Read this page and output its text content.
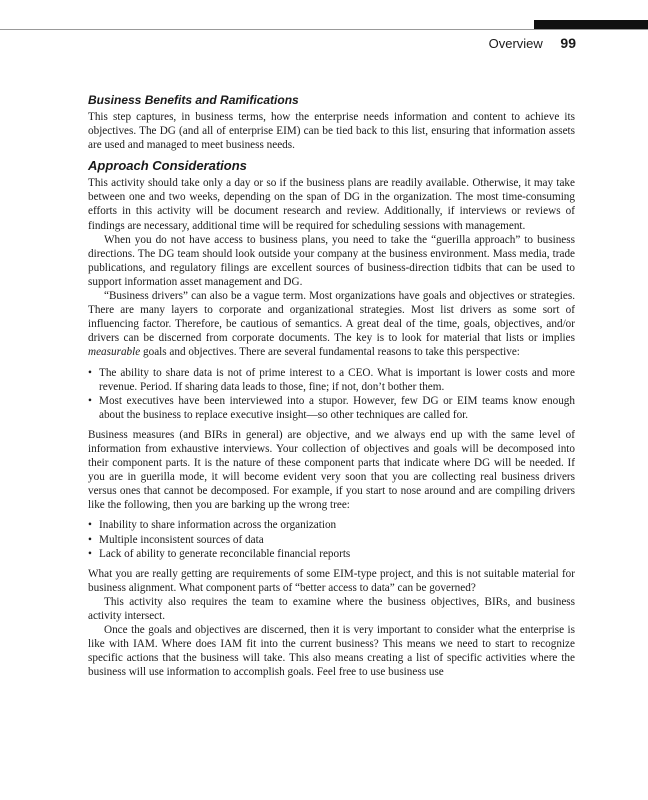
Overview 99
Business Benefits and Ramifications

This step captures, in business terms, how the enterprise needs information and content to achieve its objectives. The DG (and all of enterprise EIM) can be tied back to this list, ensuring that information assets are used and managed to meet business needs.

Approach Considerations

This activity should take only a day or so if the business plans are readily available. Otherwise, it may take between one and two weeks, depending on the span of DG in the organization. The most time-consuming efforts in this activity will be document research and review. Additionally, if interviews or reviews of findings are necessary, additional time will be required for scheduling sessions with management.

When you do not have access to business plans, you need to take the “guerilla approach” to business directions. The DG team should look outside your company at the business environment. Mass media, trade publications, and regulatory filings are excellent sources of business-direction tidbits that can be used to support information asset management and DG.

“Business drivers” can also be a vague term. Most organizations have goals and objectives or strategies. There are many layers to corporate and organizational strategies. Most list drivers as some sort of influencing factor. Therefore, be cautious of semantics. A great deal of the time, goals, objectives, and/or drivers can be discerned from corporate documents. The key is to look for material that lists or implies measurable goals and objectives. There are several fundamental reasons to take this perspective:

• The ability to share data is not of prime interest to a CEO. What is important is lower costs and more revenue. Period. If sharing data leads to those, fine; if not, don’t bother them.
• Most executives have been interviewed into a stupor. However, few DG or EIM teams know enough about the business to replace executive insight—so other techniques are called for.

Business measures (and BIRs in general) are objective, and we always end up with the same level of information from exhaustive interviews. Your collection of objectives and goals will be decomposed into their component parts. It is the nature of these component parts that indicate where DG will be needed. If you are in guerilla mode, it will become evident very soon that you are collecting real business drivers versus ones that cannot be decomposed. For example, if you start to nose around and are compiling drivers like the following, then you are barking up the wrong tree:

• Inability to share information across the organization
• Multiple inconsistent sources of data
• Lack of ability to generate reconcilable financial reports

What you are really getting are requirements of some EIM-type project, and this is not suitable material for business alignment. What component parts of “better access to data” can be governed?

This activity also requires the team to examine where the business objectives, BIRs, and business activity intersect.

Once the goals and objectives are discerned, then it is very important to consider what the enterprise is like with IAM. Where does IAM fit into the current business? This means we need to start to recognize specific actions that the business will take. This also means creating a list of specific activities where the business will use information to accomplish goals. Feel free to use business use
